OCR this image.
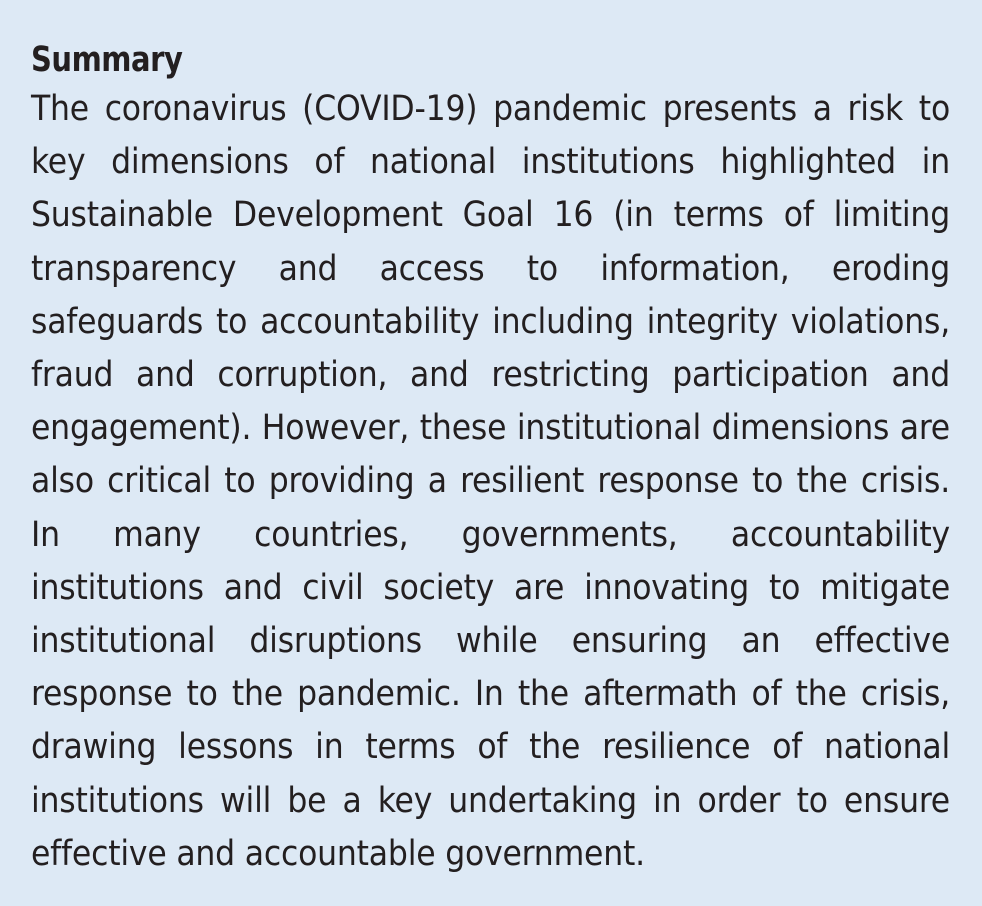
Summary

The coronavirus (COVID-19) pandemic presents a risk to key dimensions of national institutions highlighted in Sustainable Development Goal 16 (in terms of limiting transparency and access to information, eroding safeguards to accountability including integrity violations, fraud and corruption, and restricting participation and engagement). However, these institutional dimensions are also critical to providing a resilient response to the crisis. In many countries, governments, accountability institutions and civil society are innovating to mitigate institutional disruptions while ensuring an effective response to the pandemic. In the aftermath of the crisis, drawing lessons in terms of the resilience of national institutions will be a key undertaking in order to ensure effective and accountable government.
